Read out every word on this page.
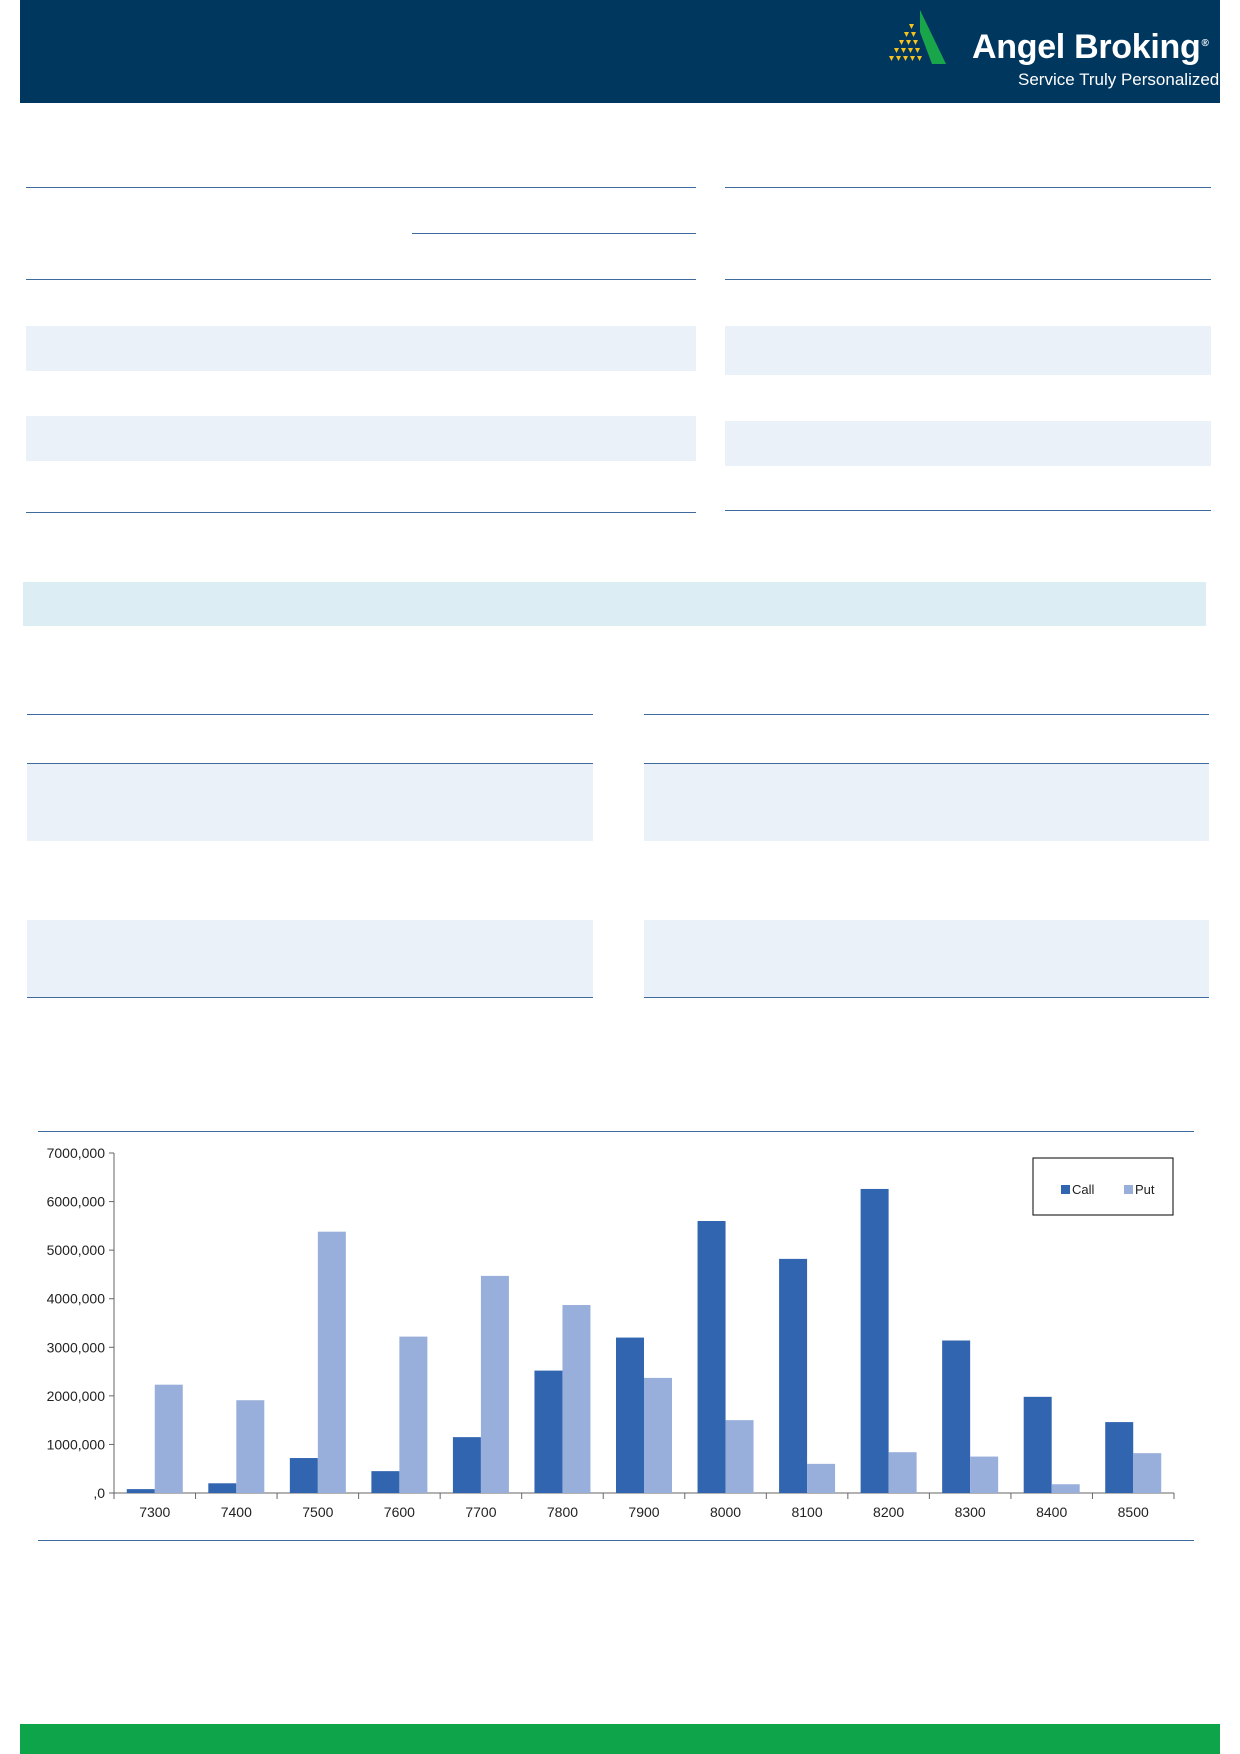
Angel Broking®
Service Truly Personalized
7000,000
6000,000
5000,000
4000,000
3000,000
2000,000
1000,000
,0
7300	7400	7500	7600	7700	7800	7900	8000	8100	8200	8300	8400	8500
Call	Put
